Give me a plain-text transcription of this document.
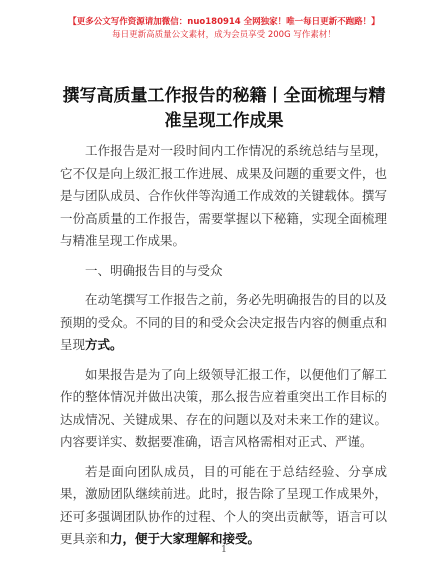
【更多公文写作资源请加微信：nuo180914 全网独家！唯一每日更新不跑路！】
每日更新高质量公文素材，成为会员享受 200G 写作素材！
撰写高质量工作报告的秘籍丨全面梳理与精准呈现工作成果

工作报告是对一段时间内工作情况的系统总结与呈现，它不仅是向上级汇报工作进展、成果及问题的重要文件，也是与团队成员、合作伙伴等沟通工作成效的关键载体。撰写一份高质量的工作报告，需要掌握以下秘籍，实现全面梳理与精准呈现工作成果。

一、明确报告目的与受众

在动笔撰写工作报告之前，务必先明确报告的目的以及预期的受众。不同的目的和受众会决定报告内容的侧重点和呈现方式。

如果报告是为了向上级领导汇报工作，以便他们了解工作的整体情况并做出决策，那么报告应着重突出工作目标的达成情况、关键成果、存在的问题以及对未来工作的建议。内容要详实、数据要准确，语言风格需相对正式、严谨。

若是面向团队成员，目的可能在于总结经验、分享成果，激励团队继续前进。此时，报告除了呈现工作成果外，还可多强调团队协作的过程、个人的突出贡献等，语言可以更具亲和力，便于大家理解和接受。

1
